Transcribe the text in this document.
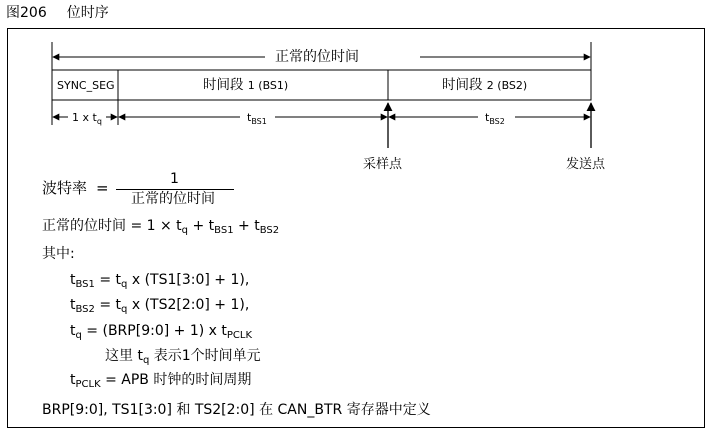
图206 位时序
正常的位时间
SYNC_SEG	时间段 1 (BS1)	时间段 2 (BS2)
1 x $t_q$	$t_{BS1}$	$t_{BS2}$
采样点	发送点
波特率 =	1
正常的位时间
正常的位时间 = $1 \times t_q + t_{BS1} + t_{BS2}$
其中:
$t_{BS1} = t_q$ x (TS1[3:0] + 1),
$t_{BS2} = t_q$ x (TS2[2:0] + 1),
$t_q$ = (BRP[9:0] + 1) x $t_{PCLK}$
这里 $t_q$ 表示1个时间单元
$t_{PCLK}$ = APB 时钟的时间周期
BRP[9:0], TS1[3:0] 和 TS2[2:0] 在 CAN_BTR 寄存器中定义
